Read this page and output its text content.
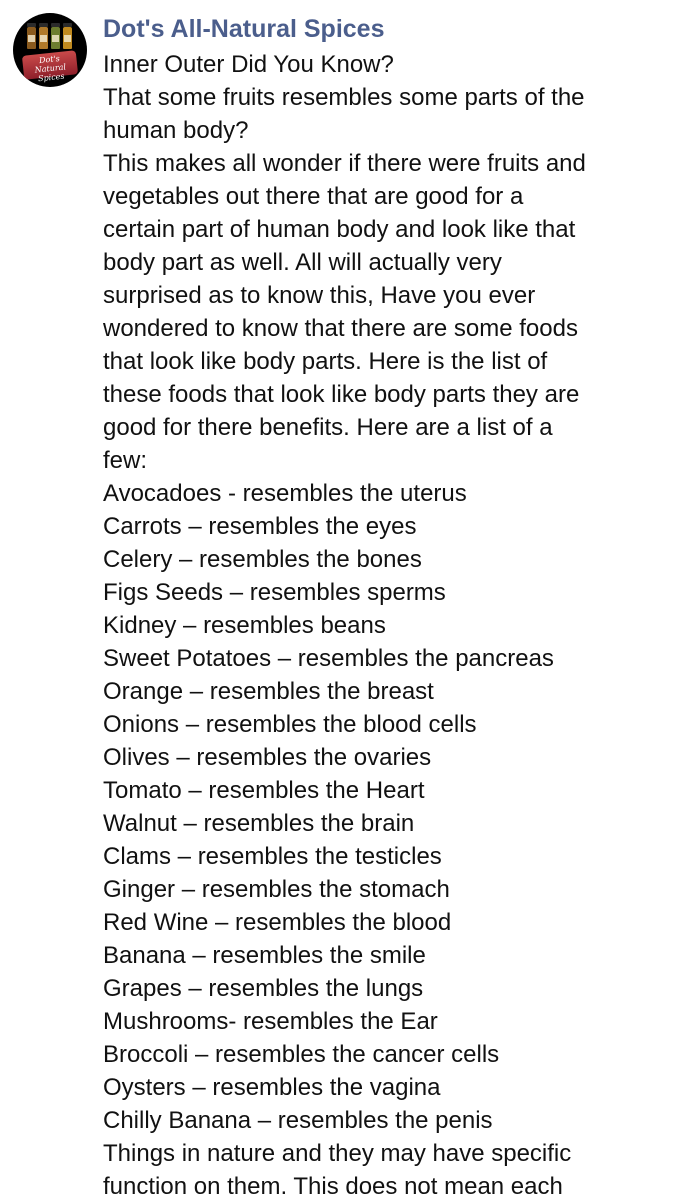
Dot's Natural
Spices
Dot's All-Natural Spices

Inner Outer Did You Know?

That some fruits resembles some parts of the

human body?

This makes all wonder if there were fruits and

vegetables out there that are good for a

certain part of human body and look like that

body part as well. All will actually very

surprised as to know this, Have you ever

wondered to know that there are some foods

that look like body parts. Here is the list of

these foods that look like body parts they are

good for there benefits. Here are a list of a

few:

Avocadoes - resembles the uterus

Carrots – resembles the eyes

Celery – resembles the bones

Figs Seeds – resembles sperms

Kidney – resembles beans

Sweet Potatoes – resembles the pancreas

Orange – resembles the breast

Onions – resembles the blood cells

Olives – resembles the ovaries

Tomato – resembles the Heart

Walnut – resembles the brain

Clams – resembles the testicles

Ginger – resembles the stomach

Red Wine – resembles the blood

Banana – resembles the smile

Grapes – resembles the lungs

Mushrooms- resembles the Ear

Broccoli – resembles the cancer cells

Oysters – resembles the vagina

Chilly Banana – resembles the penis

Things in nature and they may have specific

function on them. This does not mean each
